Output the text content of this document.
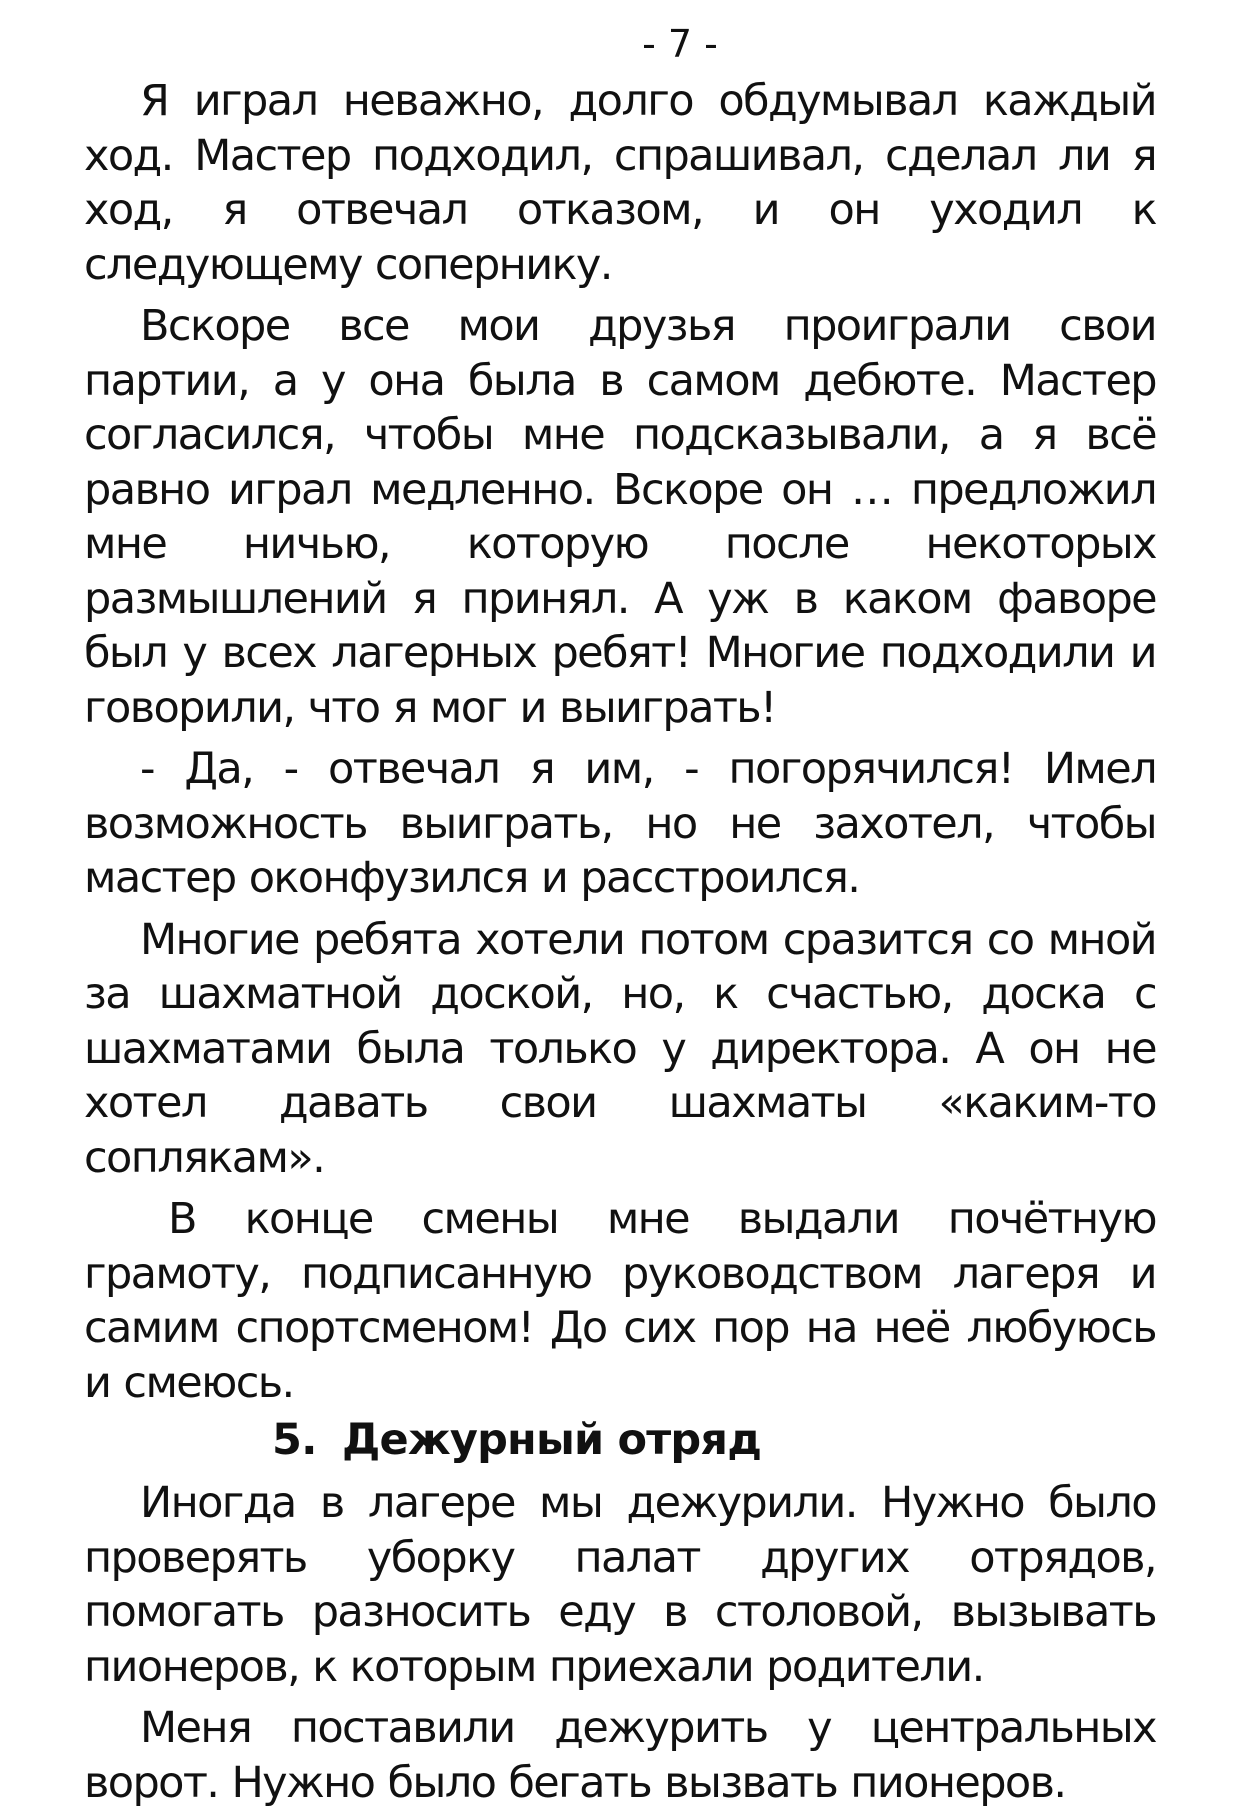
- 7 -

Я играл неважно, долго обдумывал каждый ход. Мастер подходил, спрашивал, сделал ли я ход, я отвечал отказом, и он уходил к следующему сопернику.

Вскоре все мои друзья проиграли свои партии, а у она была в самом дебюте. Мастер согласился, чтобы мне подсказывали, а я всё равно играл медленно. Вскоре он … предложил мне ничью, которую после некоторых размышлений я принял. А уж в каком фаворе был у всех лагерных ребят! Многие подходили и говорили, что я мог и выиграть!

- Да, - отвечал я им, - погорячился! Имел возможность выиграть, но не захотел, чтобы мастер оконфузился и расстроился.

Многие ребята хотели потом сразится со мной за шахматной доской, но, к счастью, доска с шахматами была только у директора. А он не хотел давать свои шахматы «каким-то соплякам».

В конце смены мне выдали почётную грамоту, подписанную руководством лагеря и самим спортсменом! До сих пор на неё любуюсь и смеюсь.

5. Дежурный отряд

Иногда в лагере мы дежурили. Нужно было проверять уборку палат других отрядов, помогать разносить еду в столовой, вызывать пионеров, к которым приехали родители.

Меня поставили дежурить у центральных ворот. Нужно было бегать вызвать пионеров.
